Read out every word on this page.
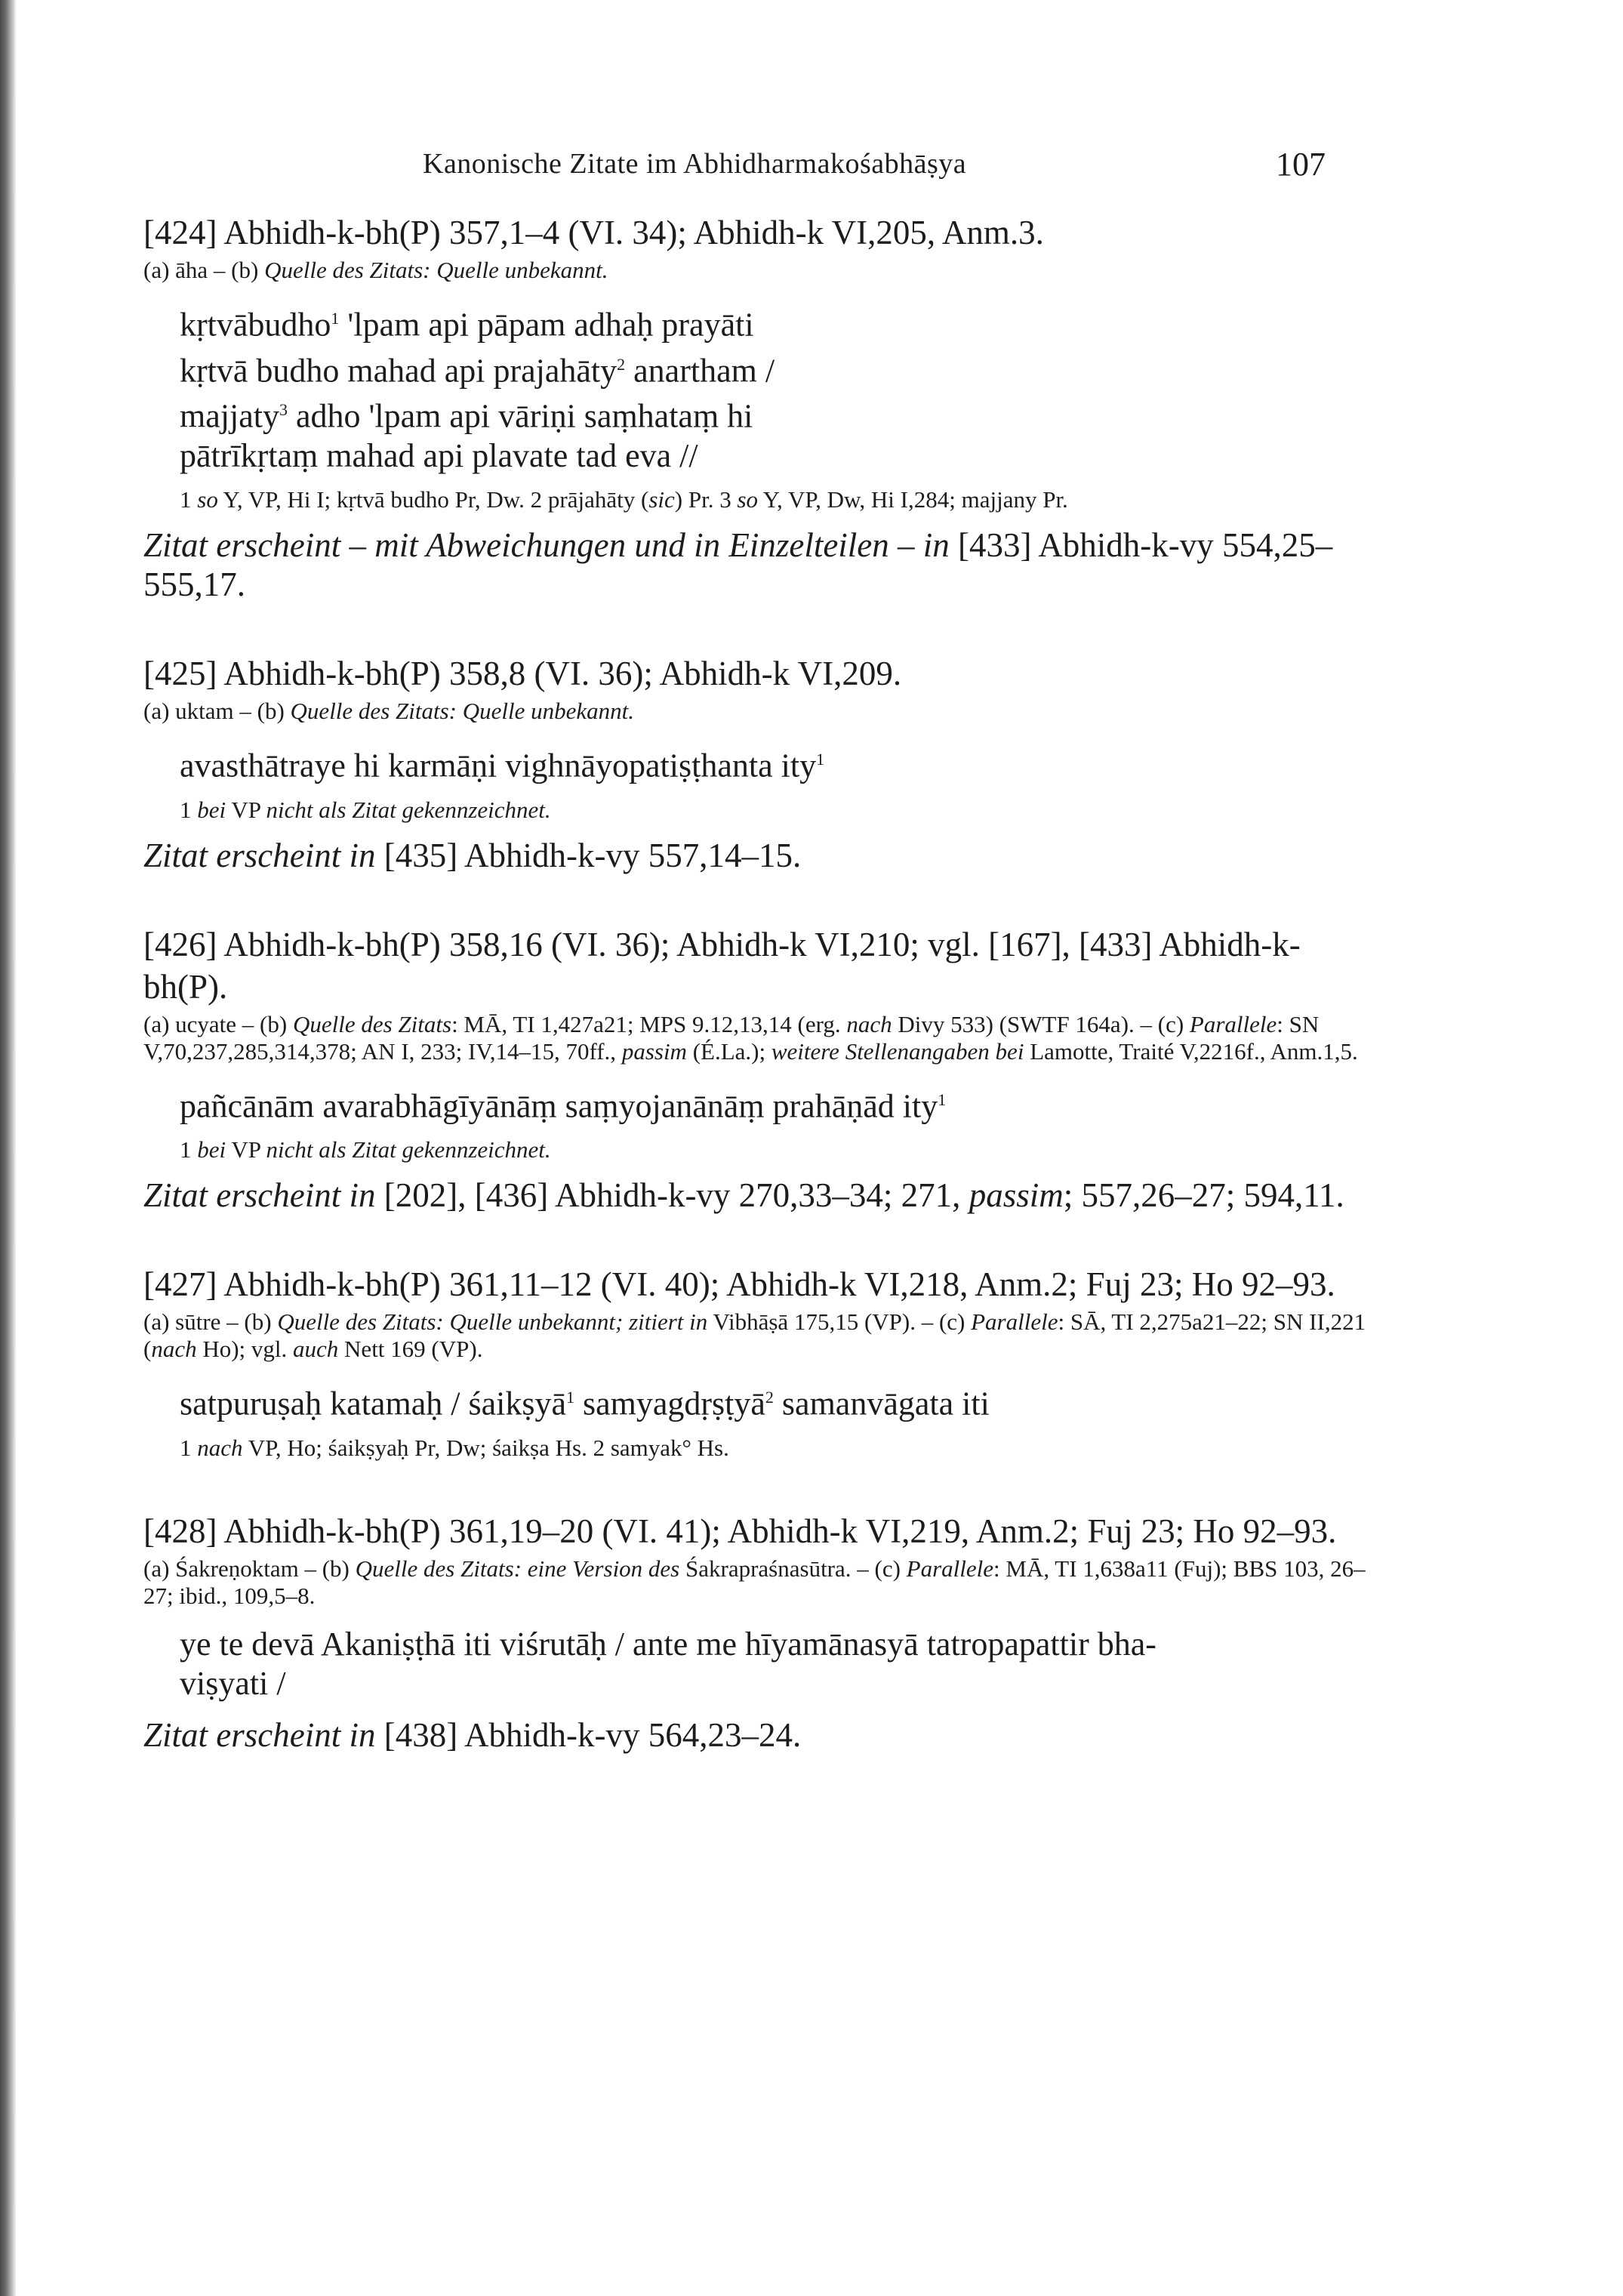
Kanonische Zitate im Abhidharmakośabhāṣya	107

[424] Abhidh-k-bh(P) 357,1–4 (VI. 34); Abhidh-k VI,205, Anm.3.

(a) āha – (b) Quelle des Zitats: Quelle unbekannt.

kṛtvābudho$^1$ 'lpam api pāpam adhaḥ prayāti
kṛtvā budho mahad api prajahāty$^2$ anartham /
majjaty$^3$ adho 'lpam api vāriṇi saṃhataṃ hi
pātrīkṛtaṃ mahad api plavate tad eva //

1 so Y, VP, Hi I; kṛtvā budho Pr, Dw. 2 prājahāty (sic) Pr. 3 so Y, VP, Dw, Hi I,284; majjany Pr.

Zitat erscheint – mit Abweichungen und in Einzelteilen – in [433] Abhidh-k-vy 554,25–555,17.

[425] Abhidh-k-bh(P) 358,8 (VI. 36); Abhidh-k VI,209.

(a) uktam – (b) Quelle des Zitats: Quelle unbekannt.

avasthātraye hi karmāṇi vighnāyopatiṣṭhanta ity$^1$

1 bei VP nicht als Zitat gekennzeichnet.

Zitat erscheint in [435] Abhidh-k-vy 557,14–15.

[426] Abhidh-k-bh(P) 358,16 (VI. 36); Abhidh-k VI,210; vgl. [167], [433] Abhidh-k-bh(P).

(a) ucyate – (b) Quelle des Zitats: MĀ, TI 1,427a21; MPS 9.12,13,14 (erg. nach Divy 533) (SWTF 164a). – (c) Parallele: SN V,70,237,285,314,378; AN I, 233; IV,14–15, 70ff., passim (É.La.); weitere Stellenangaben bei Lamotte, Traité V,2216f., Anm.1,5.

pañcānām avarabhāgīyānāṃ saṃyojanānāṃ prahāṇād ity$^1$

1 bei VP nicht als Zitat gekennzeichnet.

Zitat erscheint in [202], [436] Abhidh-k-vy 270,33–34; 271, passim; 557,26–27; 594,11.

[427] Abhidh-k-bh(P) 361,11–12 (VI. 40); Abhidh-k VI,218, Anm.2; Fuj 23; Ho 92–93.

(a) sūtre – (b) Quelle des Zitats: Quelle unbekannt; zitiert in Vibhāṣā 175,15 (VP). – (c) Parallele: SĀ, TI 2,275a21–22; SN II,221 (nach Ho); vgl. auch Nett 169 (VP).

satpuruṣaḥ katamaḥ / śaikṣyā$^1$ samyagdṛṣṭyā$^2$ samanvāgata iti

1 nach VP, Ho; śaikṣyaḥ Pr, Dw; śaikṣa Hs. 2 samyak° Hs.

[428] Abhidh-k-bh(P) 361,19–20 (VI. 41); Abhidh-k VI,219, Anm.2; Fuj 23; Ho 92–93.

(a) Śakreṇoktam – (b) Quelle des Zitats: eine Version des Śakrapraśnasūtra. – (c) Parallele: MĀ, TI 1,638a11 (Fuj); BBS 103, 26–27; ibid., 109,5–8.

ye te devā Akaniṣṭhā iti viśrutāḥ / ante me hīyamānasyā tatropapattir bha-
viṣyati /

Zitat erscheint in [438] Abhidh-k-vy 564,23–24.
